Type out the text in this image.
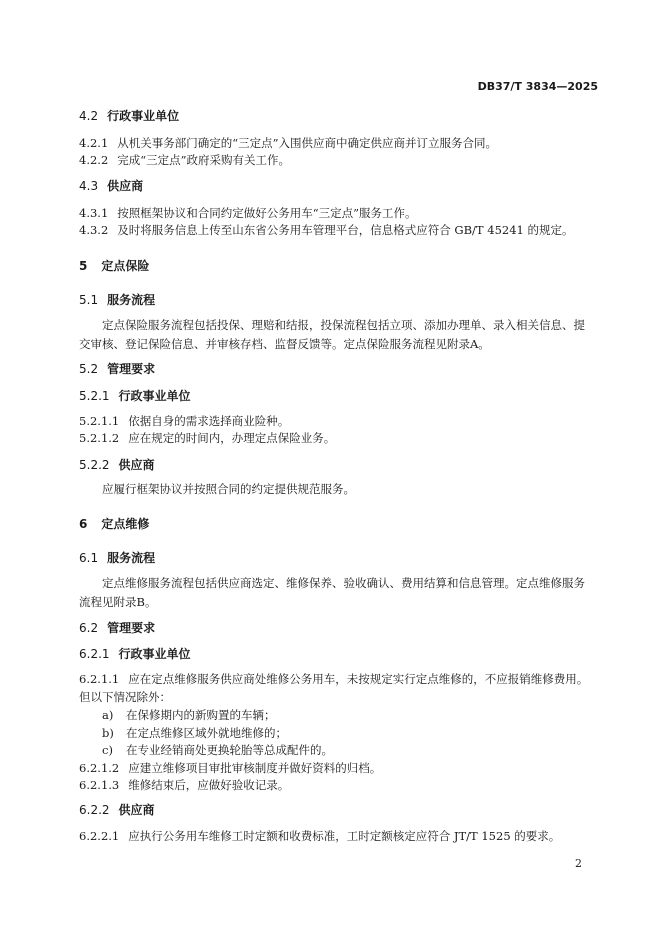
DB37/T 3834—2025
4.2 行政事业单位
4.2.1 从机关事务部门确定的“三定点”入围供应商中确定供应商并订立服务合同。
4.2.2 完成“三定点”政府采购有关工作。
4.3 供应商
4.3.1 按照框架协议和合同约定做好公务用车“三定点”服务工作。
4.3.2 及时将服务信息上传至山东省公务用车管理平台，信息格式应符合 GB/T 45241 的规定。
5 定点保险
5.1 服务流程
定点保险服务流程包括投保、理赔和结报，投保流程包括立项、添加办理单、录入相关信息、提交审核、登记保险信息、并审核存档、监督反馈等。定点保险服务流程见附录A。
5.2 管理要求
5.2.1 行政事业单位
5.2.1.1 依据自身的需求选择商业险种。
5.2.1.2 应在规定的时间内，办理定点保险业务。
5.2.2 供应商
应履行框架协议并按照合同的约定提供规范服务。
6 定点维修
6.1 服务流程
定点维修服务流程包括供应商选定、维修保养、验收确认、费用结算和信息管理。定点维修服务流程见附录B。
6.2 管理要求
6.2.1 行政事业单位
6.2.1.1 应在定点维修服务供应商处维修公务用车，未按规定实行定点维修的，不应报销维修费用。但以下情况除外：
a) 在保修期内的新购置的车辆；
b) 在定点维修区域外就地维修的；
c) 在专业经销商处更换轮胎等总成配件的。
6.2.1.2 应建立维修项目审批审核制度并做好资料的归档。
6.2.1.3 维修结束后，应做好验收记录。
6.2.2 供应商
6.2.2.1 应执行公务用车维修工时定额和收费标准，工时定额核定应符合 JT/T 1525 的要求。
2
